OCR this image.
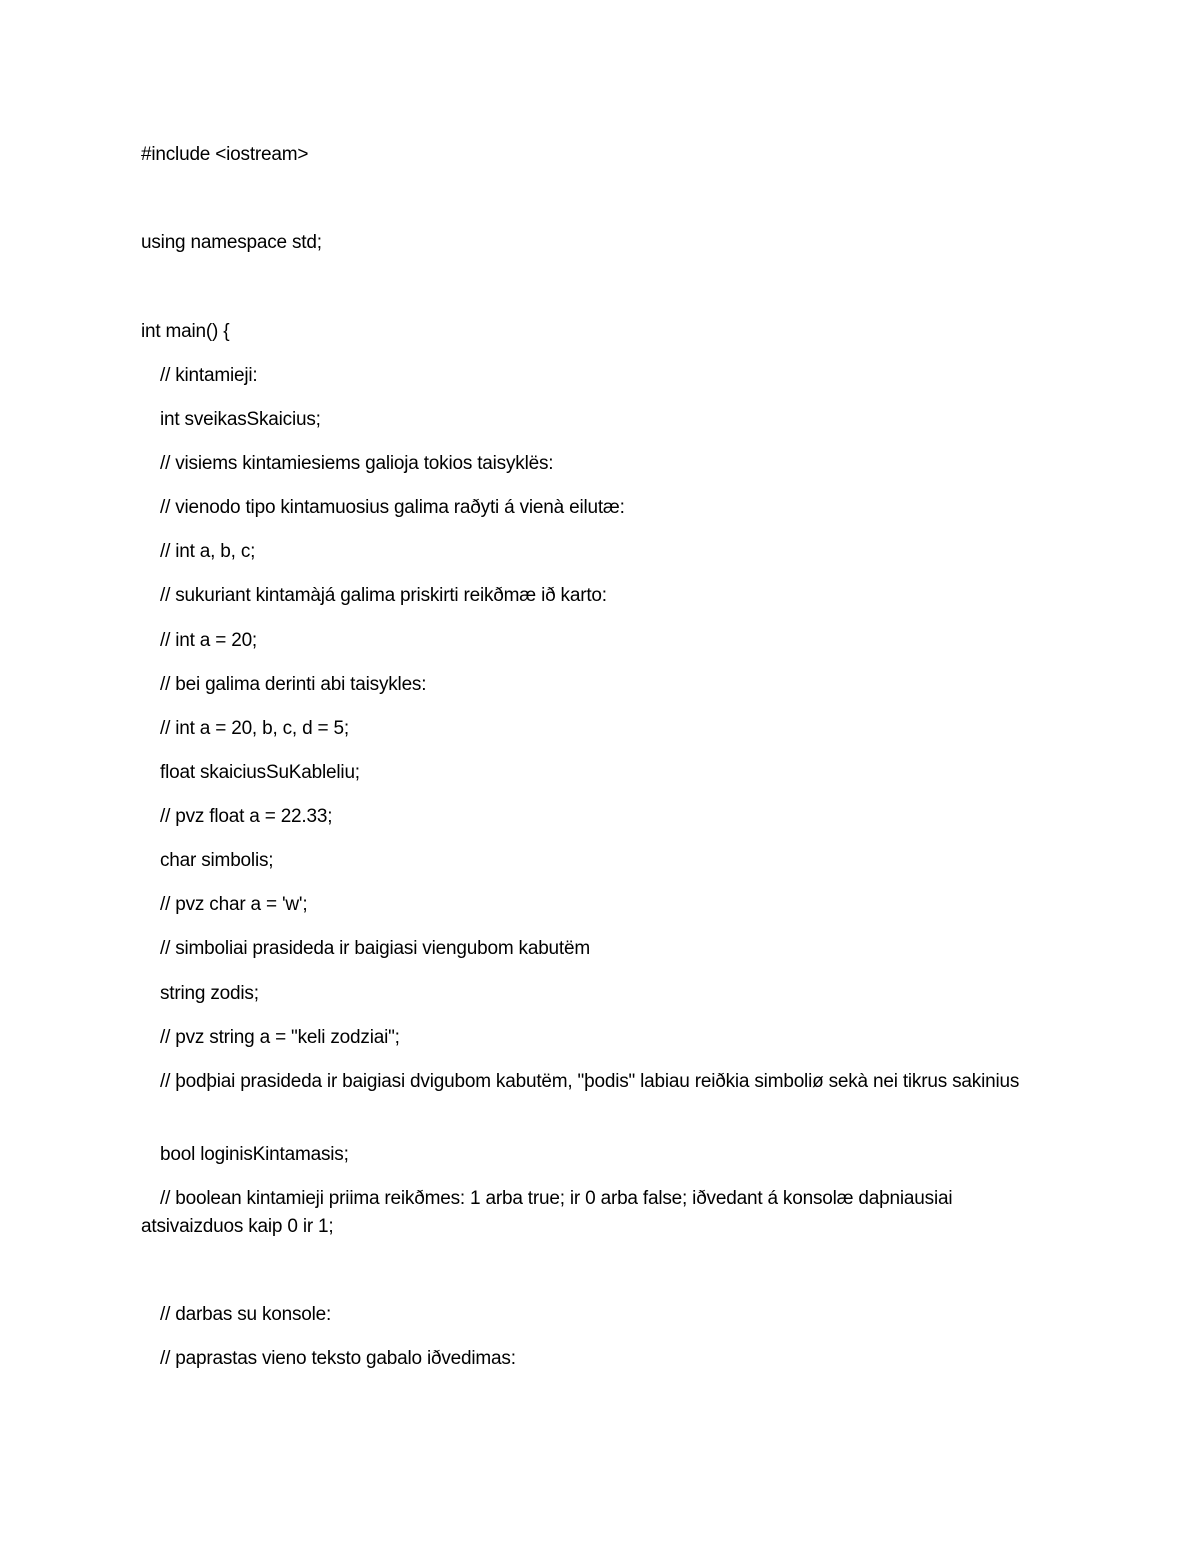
#include <iostream>
using namespace std;
int main() {
// kintamieji:
int sveikasSkaicius;
// visiems kintamiesiems galioja tokios taisyklës:
// vienodo tipo kintamuosius galima raðyti á vienà eilutæ:
// int a, b, c;
// sukuriant kintamàjá galima priskirti reikðmæ ið karto:
// int a = 20;
// bei galima derinti abi taisykles:
// int a = 20, b, c, d = 5;
float skaiciusSuKableliu;
// pvz float a = 22.33;
char simbolis;
// pvz char a = 'w';
// simboliai prasideda ir baigiasi viengubom kabutëm
string zodis;
// pvz string a = "keli zodziai";
// þodþiai prasideda ir baigiasi dvigubom kabutëm, "þodis" labiau reiðkia simboliø sekà nei tikrus sakinius
bool loginisKintamasis;
// boolean kintamieji priima reikðmes: 1 arba true; ir 0 arba false; iðvedant á konsolæ daþniausiai atsivaizduos kaip 0 ir 1;
// darbas su konsole:
// paprastas vieno teksto gabalo iðvedimas:
